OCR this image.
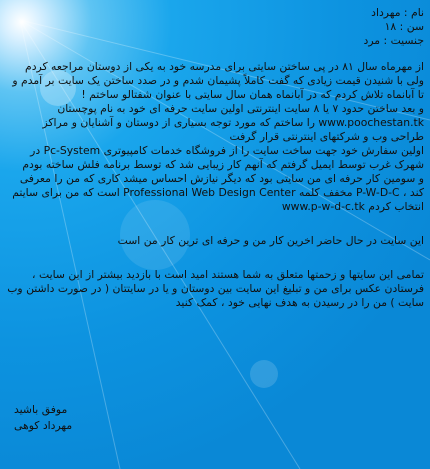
نام : مهرداد

سن : ۱۸

جنسیت : مرد

از مهرماه سال ۸۱ در پی ساختن سایتی برای مدرسه خود به یکی از دوستان مراجعه کردم ولی با شنیدن قیمت زیادی که گفت کاملاً پشیمان شدم و در صدد ساختن یک سایت بر آمدم و تا آبانماه تلاش کردم که در آبانماه همان سال سایتی با عنوان شفتالو ساختم !

و بعد ساختن حدود ۷ یا ۸ سایت اینترنتی اولین سایت حرفه ای خود به نام پوچستان www.poochestan.tk را ساختم که مورد توجه بسیاری از دوستان و آشنایان و مراکز طراحی وب و شرکتهای اینترنتی قرار گرفت

اولین سفارش خود جهت ساخت سایت را از فروشگاه خدمات کامپیوتری Pc-System در شهرک غرب توسط ایمیل گرفتم که آنهم کار زیبایی شد که توسط برنامه فلش ساخته بودم

و سومین کار حرفه ای من سایتی بود که دیگر نیازش احساس میشد کاری که من را معرفی کند ، P-W-D-C مخفف کلمه Professional Web Design Center است که من برای سایتم انتخاب کردم www.p-w-d-c.tk

این سایت در حال حاضر اخرین کار من و حرفه ای ترین کار من است

تمامی این سایتها و زحمتها متعلق به شما هستند امید است با بازدید بیشتر از این سایت ، فرستادن عکس برای من و تبلیغ این سایت بین دوستان و یا در سایتتان ( در صورت داشتن وب سایت ) من را در رسیدن به هدف نهایی خود ، کمک کنید

موفق باشید
مهرداد کوهی
